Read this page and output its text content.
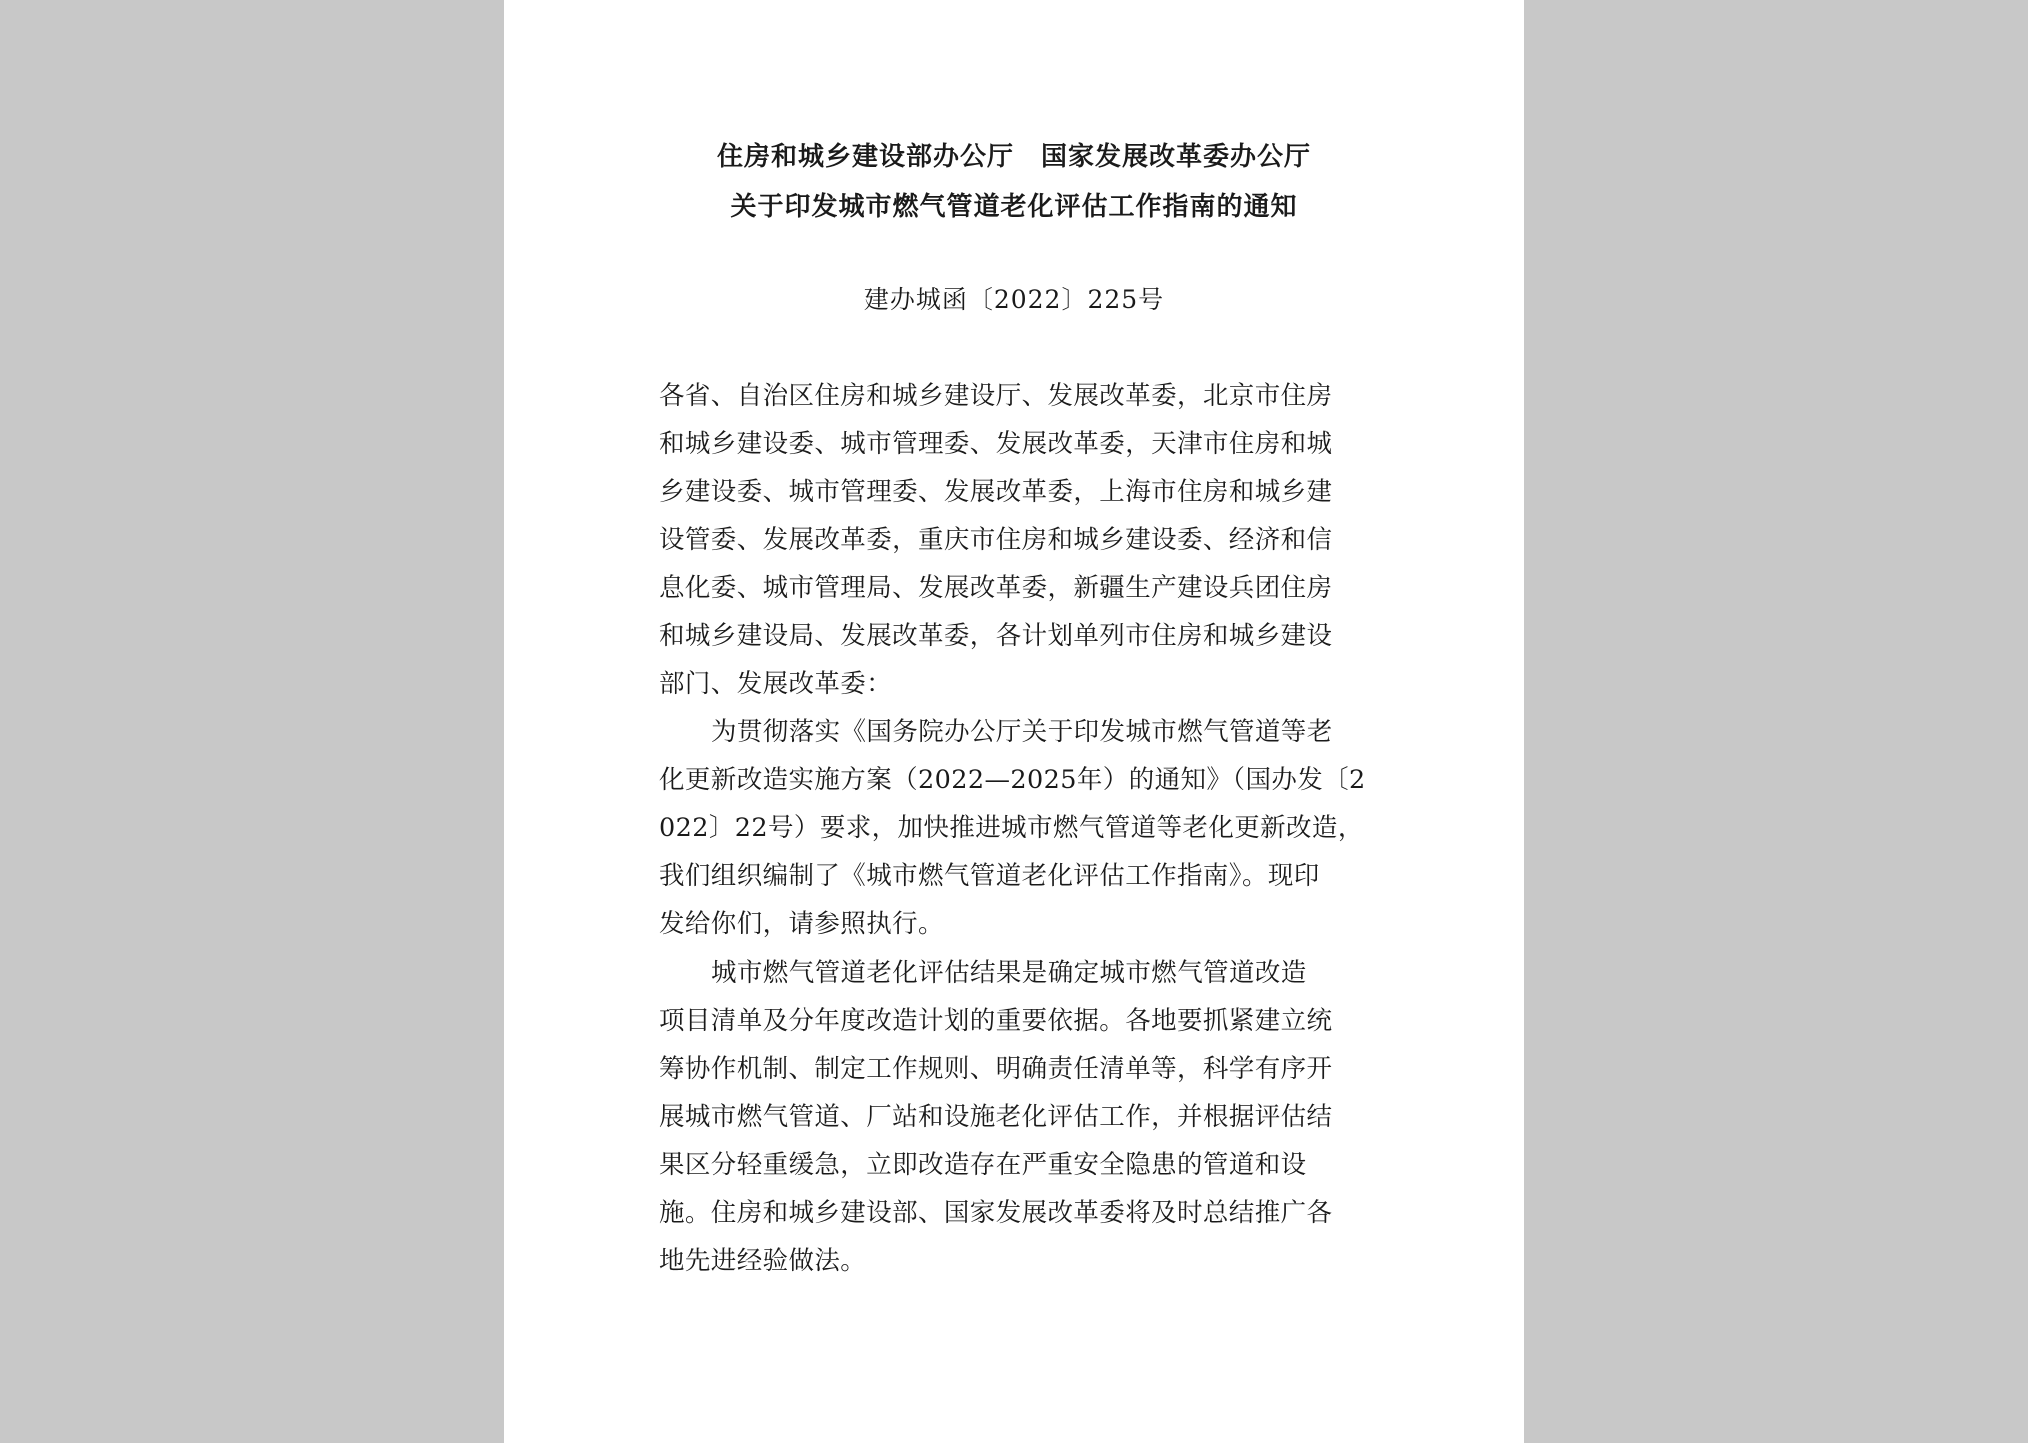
住房和城乡建设部办公厅　国家发展改革委办公厅
关于印发城市燃气管道老化评估工作指南的通知
建办城函〔2022〕225号
各省、自治区住房和城乡建设厅、发展改革委，北京市住房
和城乡建设委、城市管理委、发展改革委，天津市住房和城
乡建设委、城市管理委、发展改革委，上海市住房和城乡建
设管委、发展改革委，重庆市住房和城乡建设委、经济和信
息化委、城市管理局、发展改革委，新疆生产建设兵团住房
和城乡建设局、发展改革委，各计划单列市住房和城乡建设
部门、发展改革委：
为贯彻落实《国务院办公厅关于印发城市燃气管道等老
化更新改造实施方案（2022—2025年）的通知》（国办发〔2
022〕22号）要求，加快推进城市燃气管道等老化更新改造，
我们组织编制了《城市燃气管道老化评估工作指南》。现印
发给你们，请参照执行。
城市燃气管道老化评估结果是确定城市燃气管道改造
项目清单及分年度改造计划的重要依据。各地要抓紧建立统
筹协作机制、制定工作规则、明确责任清单等，科学有序开
展城市燃气管道、厂站和设施老化评估工作，并根据评估结
果区分轻重缓急，立即改造存在严重安全隐患的管道和设
施。住房和城乡建设部、国家发展改革委将及时总结推广各
地先进经验做法。
